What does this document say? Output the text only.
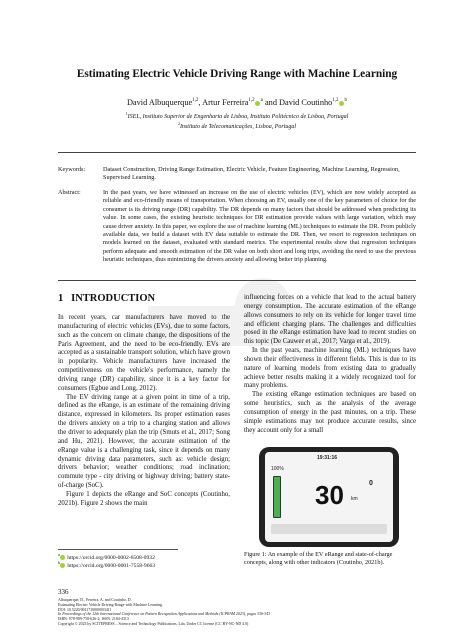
Estimating Electric Vehicle Driving Range with Machine Learning
David Albuquerque$^{1,2}$, Artur Ferreira$^{1,2}$ $^a$ and David Coutinho$^{1,2}$ $^b$
$^1$ISEL, Instituto Superior de Engenharia de Lisboa, Instituto Politécnico de Lisboa, Portugal
$^2$Instituto de Telecomunicações, Lisboa, Portugal
Keywords:	Dataset Construction, Driving Range Estimation, Electric Vehicle, Feature Engineering, Machine Learning, Regression, Supervised Learning.
Abstract:	In the past years, we have witnessed an increase on the use of electric vehicles (EV), which are now widely accepted as reliable and eco-friendly means of transportation. When choosing an EV, usually one of the key parameters of choice for the consumer is its driving range (DR) capability. The DR depends on many factors that should be addressed when predicting its value. In some cases, the existing heuristic techniques for DR estimation provide values with large variation, which may cause driver anxiety. In this paper, we explore the use of machine learning (ML) techniques to estimate the DR. From publicly available data, we build a dataset with EV data suitable to estimate the DR. Then, we resort to regression techniques on models learned on the dataset, evaluated with standard metrics. The experimental results show that regression techniques perform adequate and smooth estimation of the DR value on both short and long trips, avoiding the need to use the previous heuristic techniques, thus minimizing the drivers anxiety and allowing better trip planning.
1 INTRODUCTION

In recent years, car manufacturers have moved to the manufacturing of electric vehicles (EVs), due to some factors, such as the concern on climate change, the dispositions of the Paris Agreement, and the need to be eco-friendly. EVs are accepted as a sustainable transport solution, which have grown in popularity. Vehicle manufacturers have increased the competitiveness on the vehicle's performance, namely the driving range (DR) capability, since it is a key factor for consumers (Egbue and Long, 2012).

The EV driving range at a given point in time of a trip, defined as the eRange, is an estimate of the remaining driving distance, expressed in kilometers. Its proper estimation eases the drivers anxiety on a trip to a charging station and allows the driver to adequately plan the trip (Smuts et al., 2017; Song and Hu, 2021). However, the accurate estimation of the eRange value is a challenging task, since it depends on many dynamic driving data parameters, such as: vehicle design; drivers behavior; weather conditions; road inclination; commute type - city driving or highway driving; battery state-of-charge (SoC).

Figure 1 depicts the eRange and SoC concepts (Coutinho, 2021b). Figure 2 shows the main

$^a$ https://orcid.org/0000-0002-6508-0932
$^b$ https://orcid.org/0000-0001-7558-9663

influencing forces on a vehicle that lead to the actual battery energy consumption. The accurate estimation of the eRange allows consumers to rely on its vehicle for longer travel time and efficient charging plans. The challenges and difficulties posed in the eRange estimation have lead to recent studies on this topic (De Cauwer et al., 2017; Varga et al., 2019).

In the past years, machine learning (ML) techniques have shown their effectiveness in different fields. This is due to its nature of learning models from existing data to gradually achieve better results making it a widely recognized tool for many problems.

The existing eRange estimation techniques are based on some heuristics, such as the analysis of the average consumption of energy in the past minutes, on a trip. These simple estimations may not produce accurate results, since they account only for a small

19:31:16
100%
30 km
0
Figure 1: An example of the EV eRange and state-of-charge concepts, along with other indicators (Coutinho, 2021b).
336
Albuquerque, D., Ferreira, A. and Coutinho, D.
Estimating Electric Vehicle Driving Range with Machine Learning.
DOI: 10.5220/0011710000003411
In Proceedings of the 12th International Conference on Pattern Recognition Applications and Methods (ICPRAM 2023), pages 336-343
ISBN: 978-989-758-626-2; ISSN: 2184-4313
Copyright © 2023 by SCITEPRESS – Science and Technology Publications, Lda. Under CC license (CC BY-NC-ND 4.0)
